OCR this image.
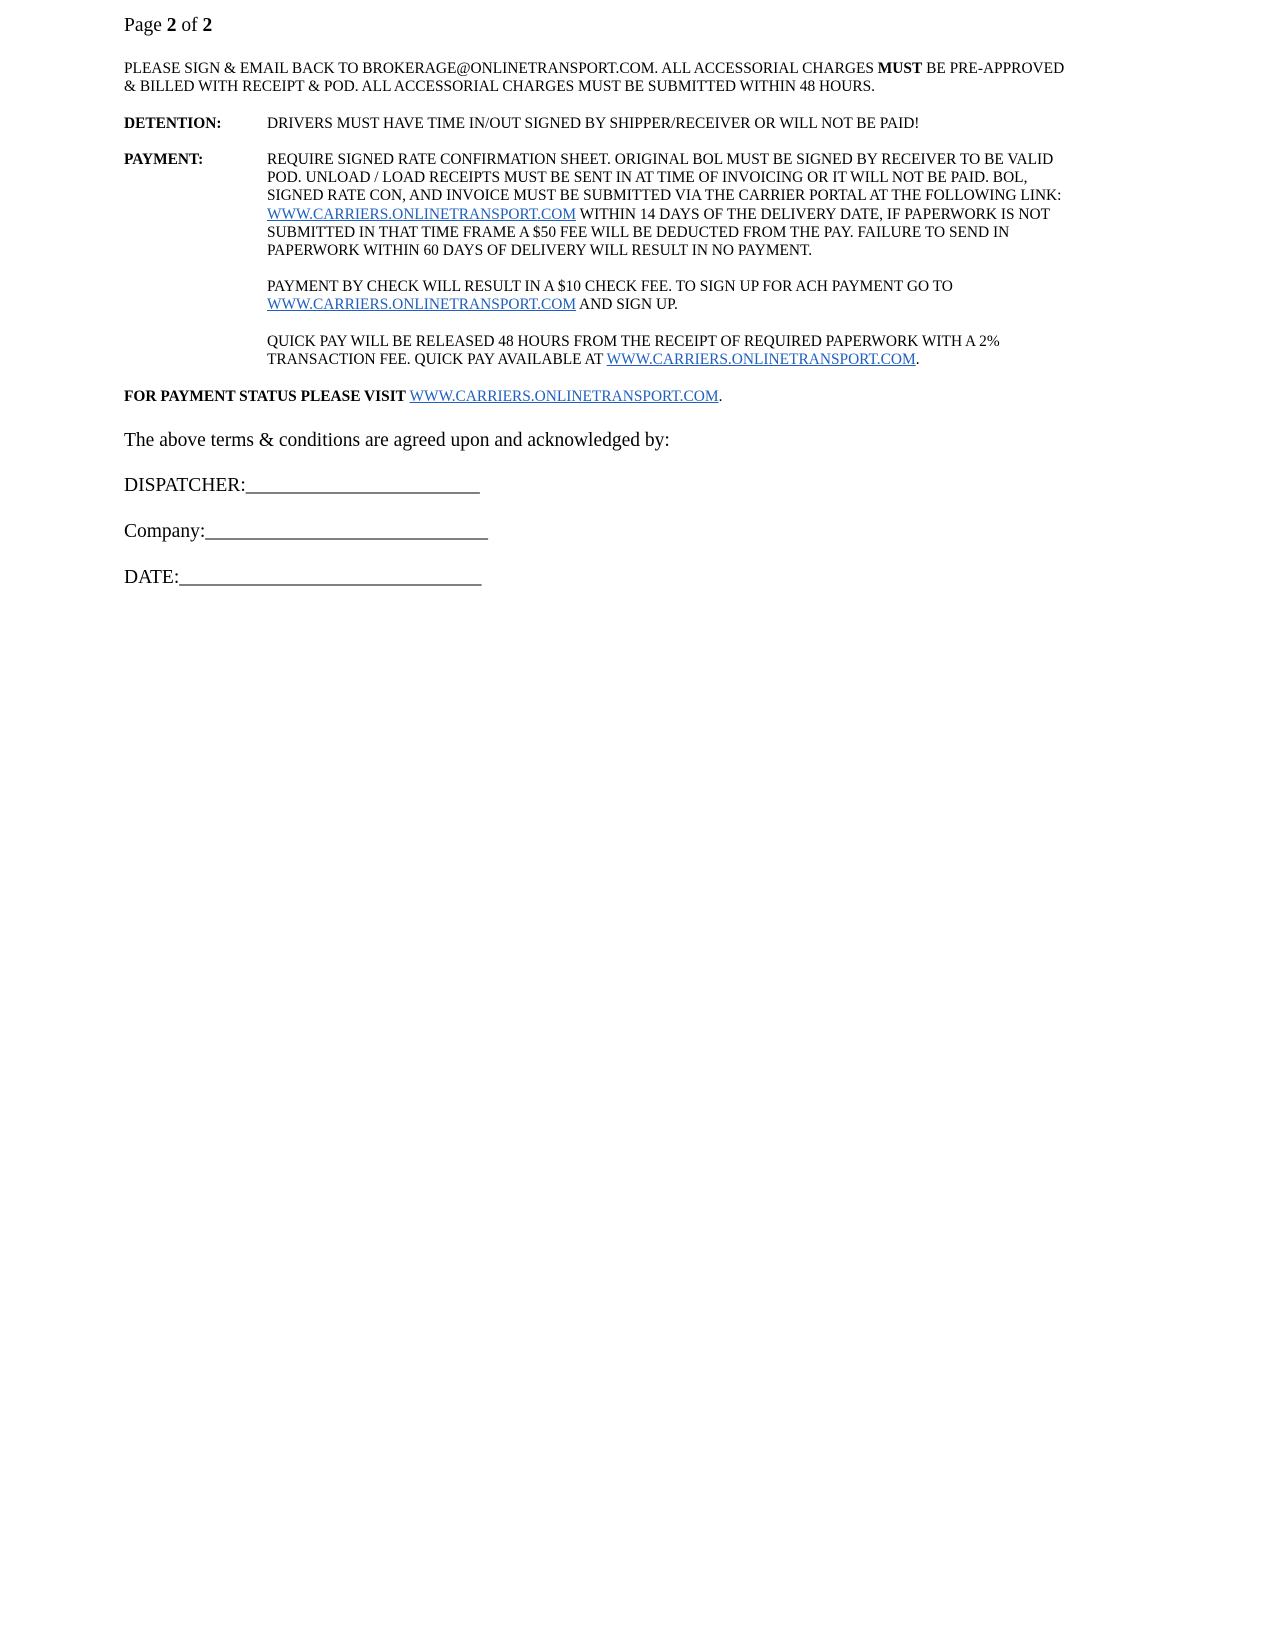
Page 2 of 2
PLEASE SIGN & EMAIL BACK TO BROKERAGE@ONLINETRANSPORT.COM. ALL ACCESSORIAL CHARGES MUST BE PRE-APPROVED
& BILLED WITH RECEIPT & POD. ALL ACCESSORIAL CHARGES MUST BE SUBMITTED WITHIN 48 HOURS.
DETENTION:	DRIVERS MUST HAVE TIME IN/OUT SIGNED BY SHIPPER/RECEIVER OR WILL NOT BE PAID!
PAYMENT:	REQUIRE SIGNED RATE CONFIRMATION SHEET. ORIGINAL BOL MUST BE SIGNED BY RECEIVER TO BE VALID
POD. UNLOAD / LOAD RECEIPTS MUST BE SENT IN AT TIME OF INVOICING OR IT WILL NOT BE PAID. BOL,
SIGNED RATE CON, AND INVOICE MUST BE SUBMITTED VIA THE CARRIER PORTAL AT THE FOLLOWING LINK:
WWW.CARRIERS.ONLINETRANSPORT.COM WITHIN 14 DAYS OF THE DELIVERY DATE, IF PAPERWORK IS NOT
SUBMITTED IN THAT TIME FRAME A $50 FEE WILL BE DEDUCTED FROM THE PAY. FAILURE TO SEND IN
PAPERWORK WITHIN 60 DAYS OF DELIVERY WILL RESULT IN NO PAYMENT.
PAYMENT BY CHECK WILL RESULT IN A $10 CHECK FEE. TO SIGN UP FOR ACH PAYMENT GO TO
WWW.CARRIERS.ONLINETRANSPORT.COM AND SIGN UP.
QUICK PAY WILL BE RELEASED 48 HOURS FROM THE RECEIPT OF REQUIRED PAPERWORK WITH A 2%
TRANSACTION FEE. QUICK PAY AVAILABLE AT WWW.CARRIERS.ONLINETRANSPORT.COM.
FOR PAYMENT STATUS PLEASE VISIT WWW.CARRIERS.ONLINETRANSPORT.COM.
The above terms & conditions are agreed upon and acknowledged by:
DISPATCHER:________________________
Company:_____________________________
DATE:_______________________________
